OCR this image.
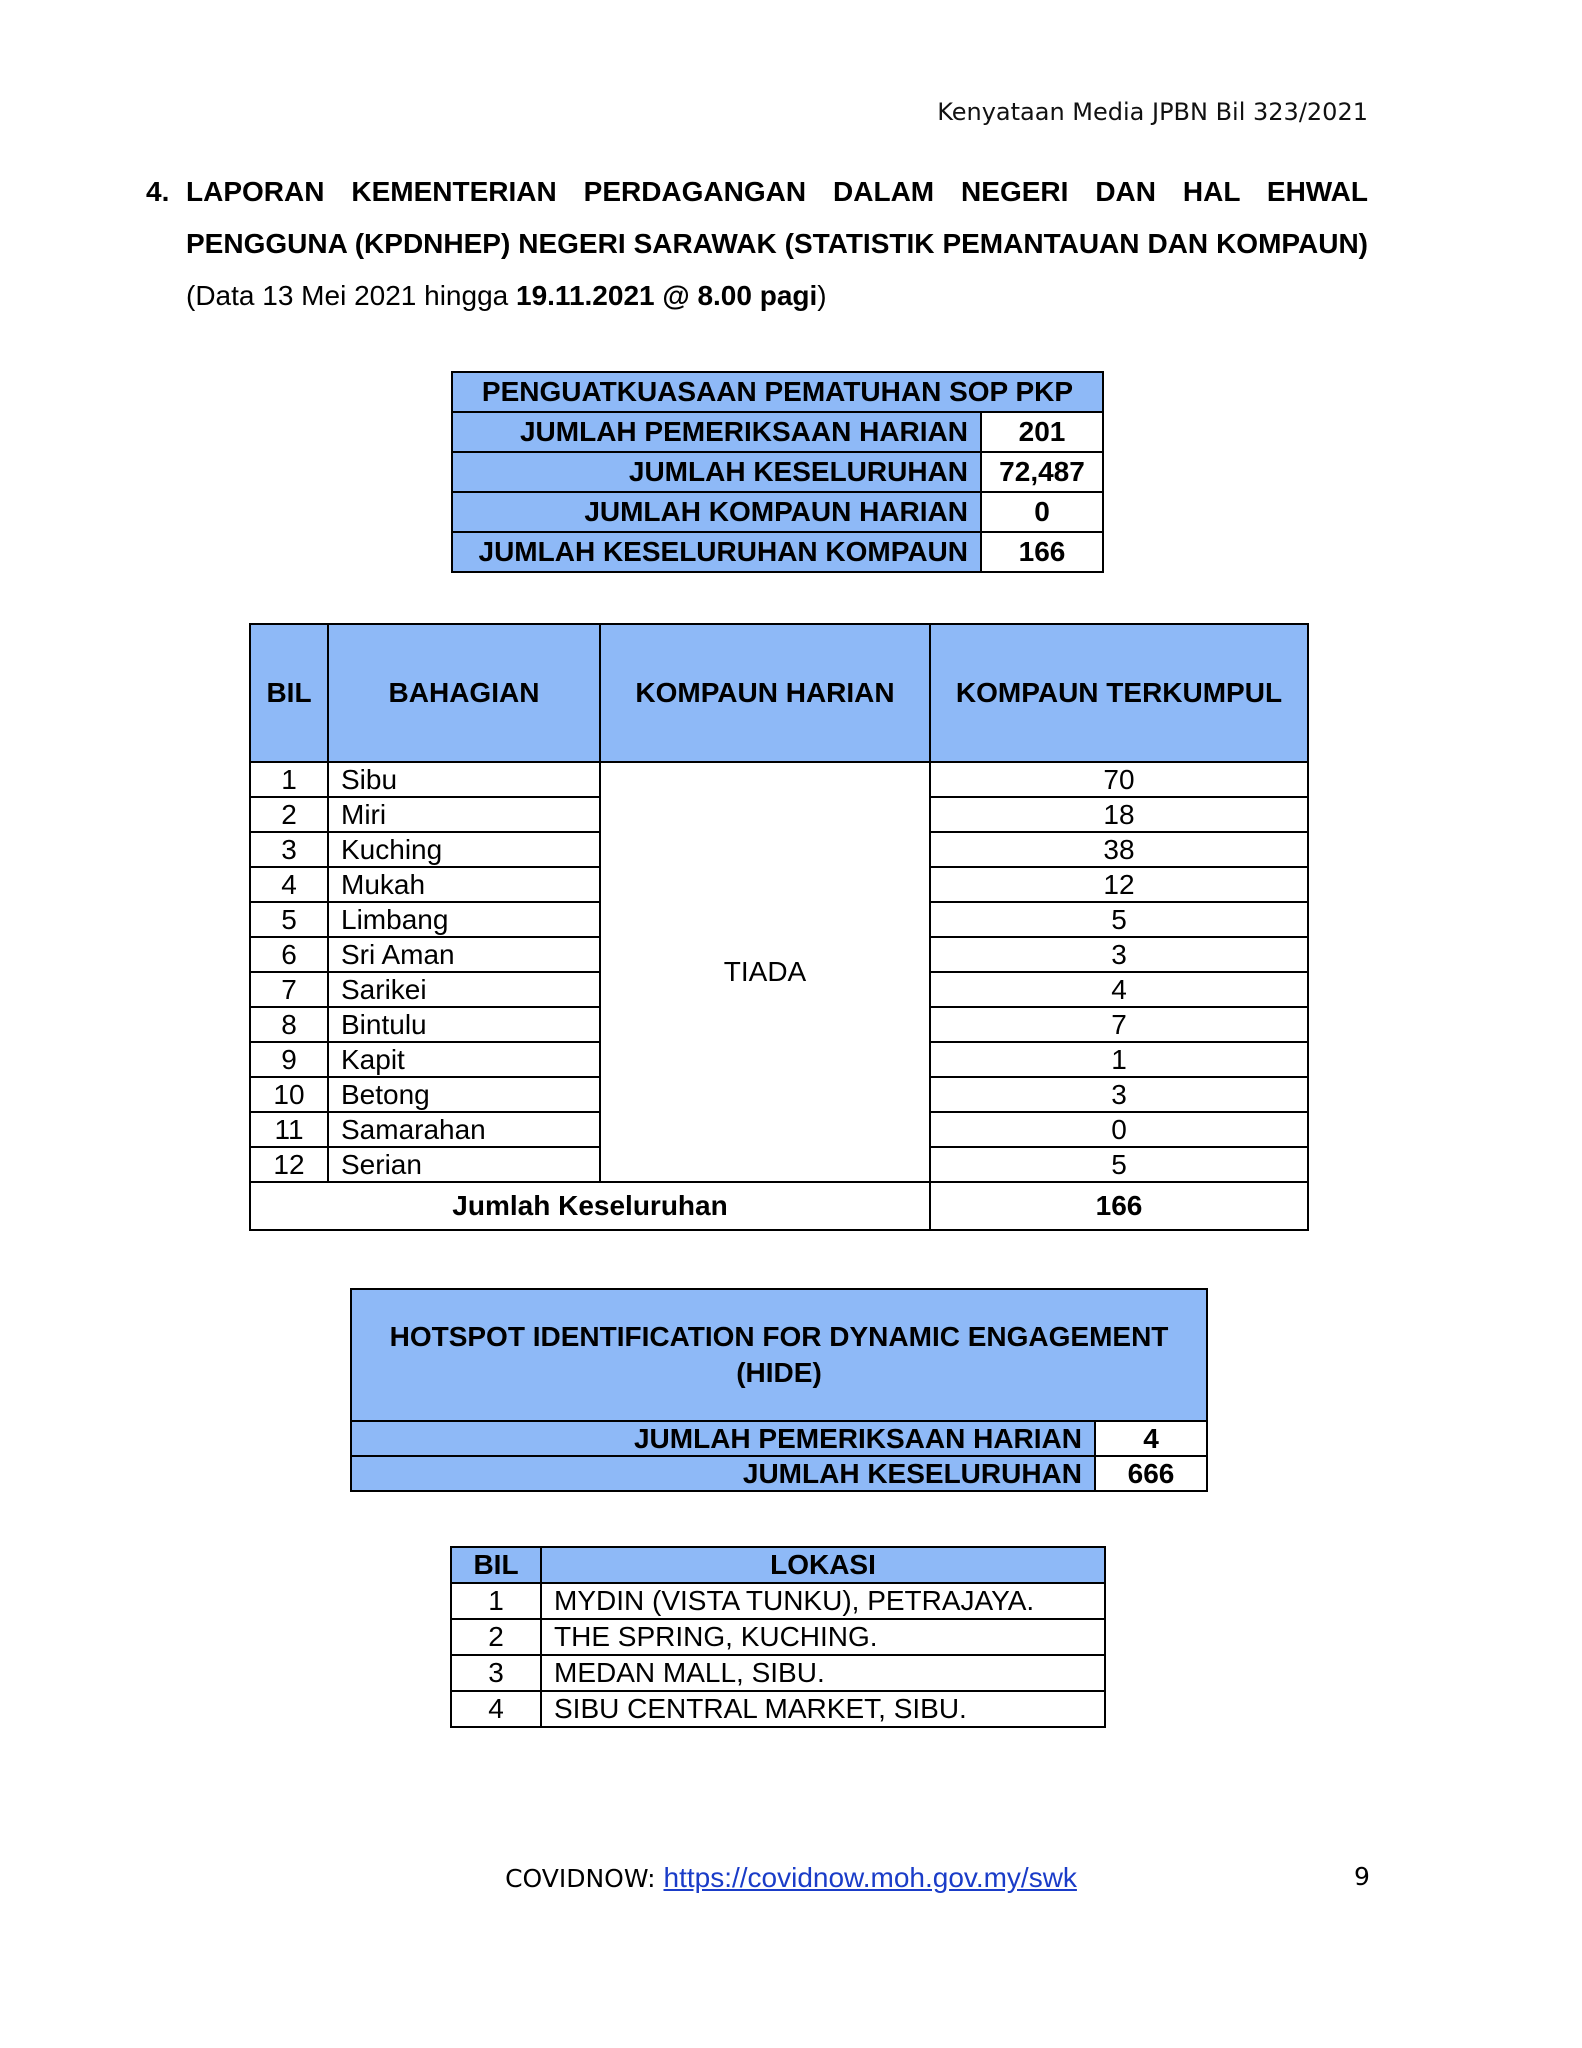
Kenyataan Media JPBN Bil 323/2021
4. LAPORAN KEMENTERIAN PERDAGANGAN DALAM NEGERI DAN HAL EHWAL PENGGUNA (KPDNHEP) NEGERI SARAWAK (STATISTIK PEMANTAUAN DAN KOMPAUN) (Data 13 Mei 2021 hingga 19.11.2021 @ 8.00 pagi)
PENGUATKUASAAN PEMATUHAN SOP PKP	
JUMLAH PEMERIKSAAN HARIAN	201
JUMLAH KESELURUHAN	72,487
JUMLAH KOMPAUN HARIAN	0
JUMLAH KESELURUHAN KOMPAUN	166
BIL	BAHAGIAN	KOMPAUN HARIAN	KOMPAUN TERKUMPUL
1	Sibu	TIADA	70
2	Miri		18
3	Kuching		38
4	Mukah		12
5	Limbang		5
6	Sri Aman		3
7	Sarikei		4
8	Bintulu		7
9	Kapit		1
10	Betong		3
11	Samarahan		0
12	Serian		5
Jumlah Keseluruhan			166
HOTSPOT IDENTIFICATION FOR DYNAMIC ENGAGEMENT
(HIDE)	

JUMLAH PEMERIKSAAN HARIAN	4
JUMLAH KESELURUHAN	666
BIL	LOKASI
1	MYDIN (VISTA TUNKU), PETRAJAYA.
2	THE SPRING, KUCHING.
3	MEDAN MALL, SIBU.
4	SIBU CENTRAL MARKET, SIBU.
COVIDNOW: https://covidnow.moh.gov.my/swk	9
